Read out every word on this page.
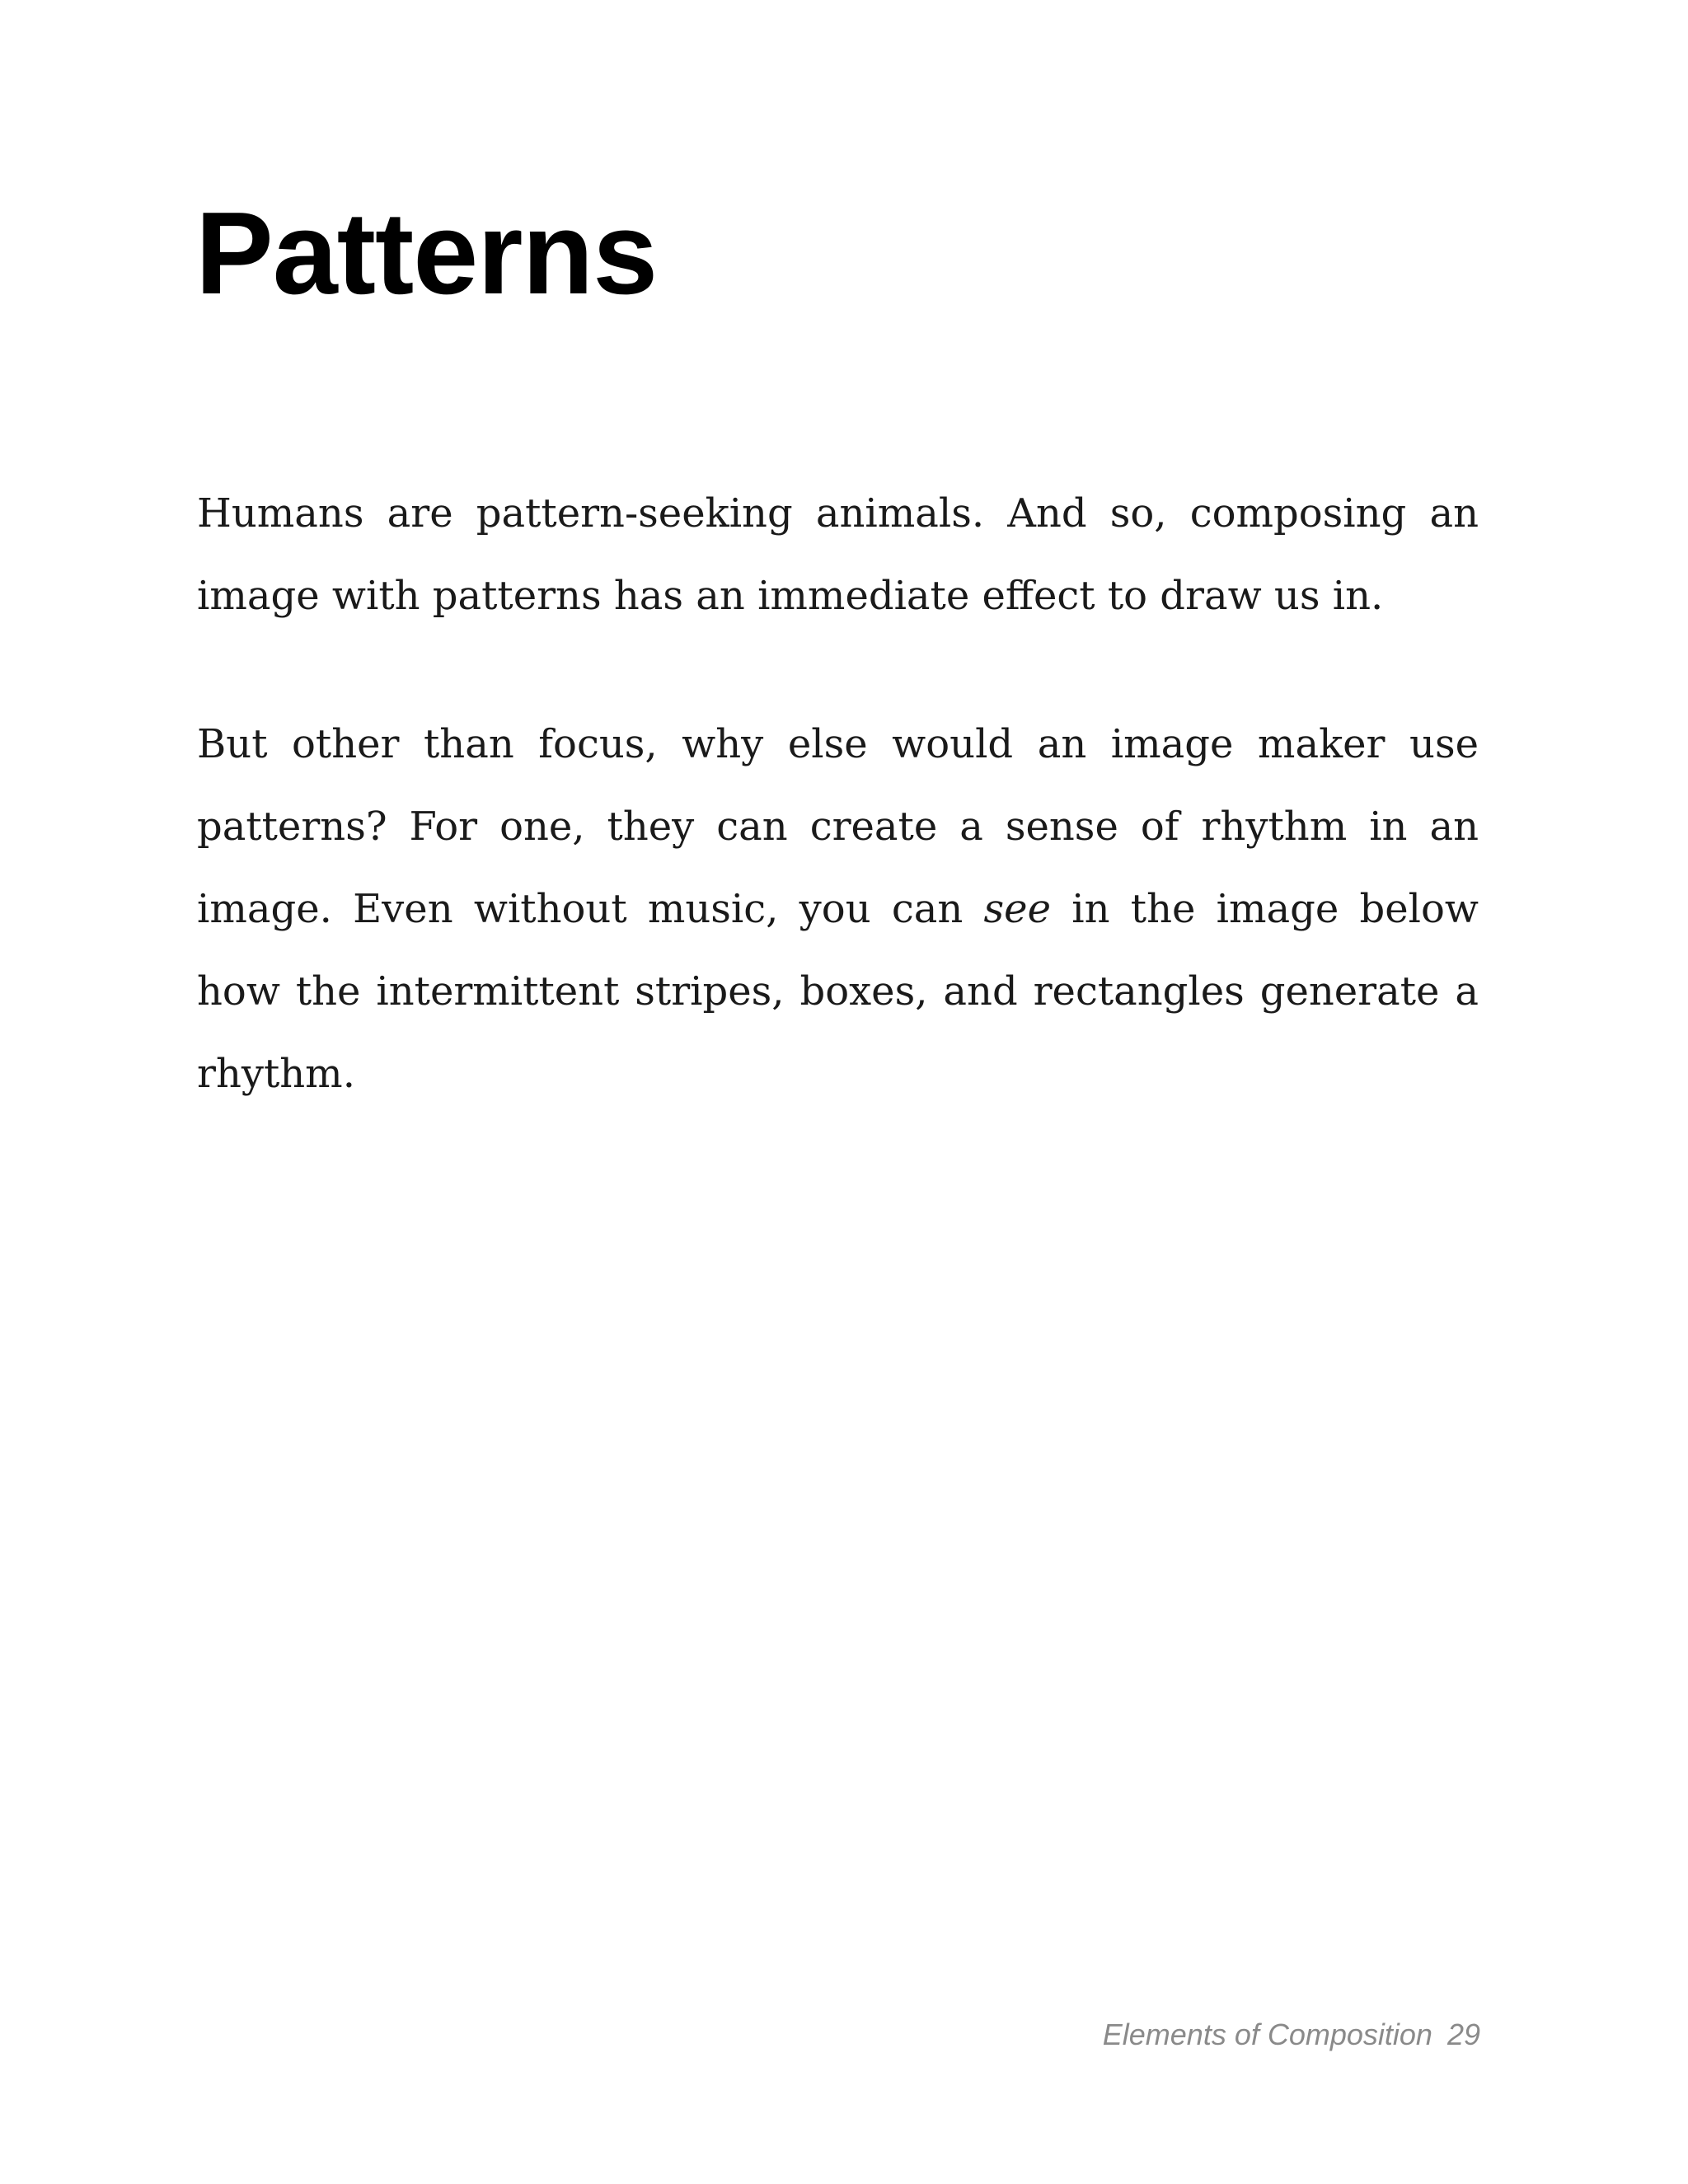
Patterns

Humans are pattern-seeking animals. And so, composing an image with patterns has an immediate effect to draw us in.

But other than focus, why else would an image maker use patterns? For one, they can create a sense of rhythm in an image. Even without music, you can see in the image below how the intermittent stripes, boxes, and rectangles generate a rhythm.

Elements of Composition 29
